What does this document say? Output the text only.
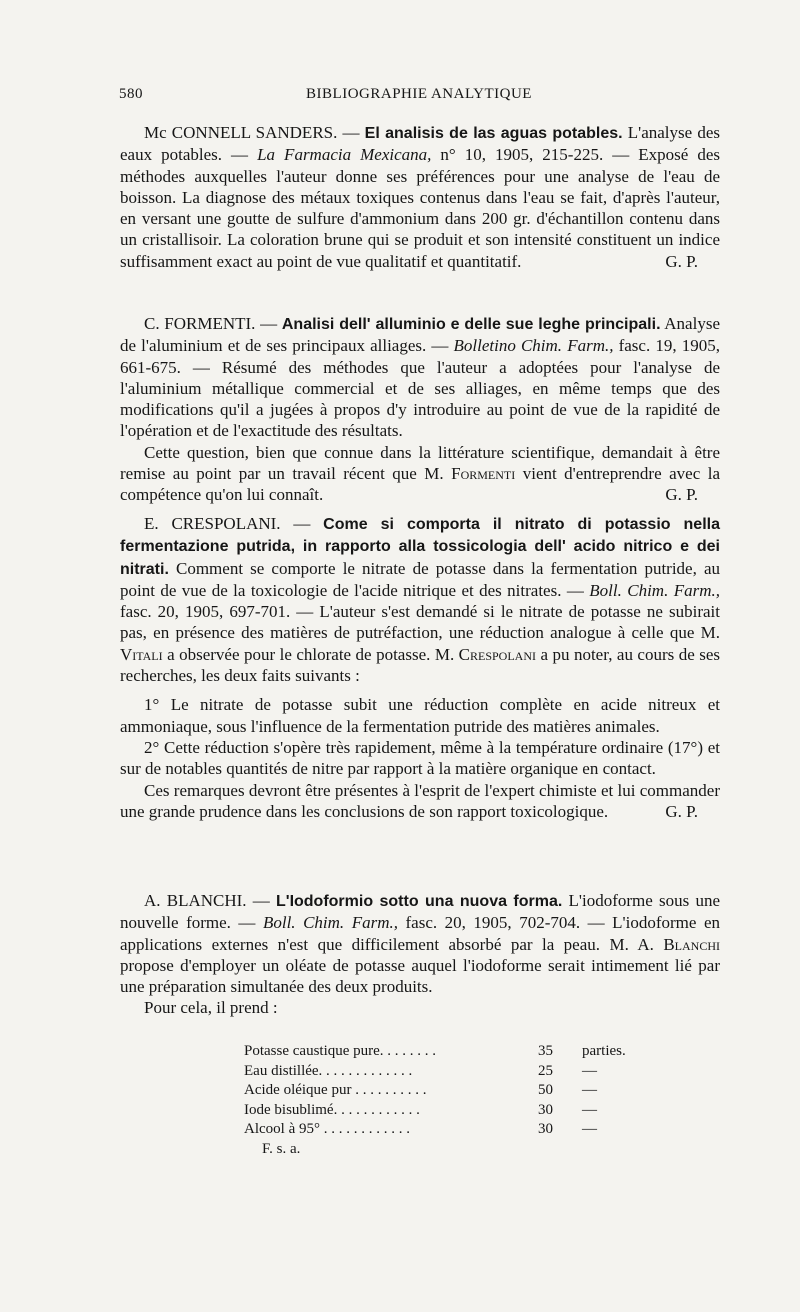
580	BIBLIOGRAPHIE ANALYTIQUE

Mc CONNELL SANDERS. — El analisis de las aguas potables. L'analyse des eaux potables. — La Farmacia Mexicana, n° 10, 1905, 215-225. — Exposé des méthodes auxquelles l'auteur donne ses préférences pour une analyse de l'eau de boisson. La diagnose des métaux toxiques contenus dans l'eau se fait, d'après l'auteur, en versant une goutte de sulfure d'ammonium dans 200 gr. d'échantillon contenu dans un cristallisoir. La coloration brune qui se produit et son intensité constituent un indice suffisamment exact au point de vue qualitatif et quantitatif.	G. P.

C. FORMENTI. — Analisi dell' alluminio e delle sue leghe principali. Analyse de l'aluminium et de ses principaux alliages. — Bolletino Chim. Farm., fasc. 19, 1905, 661-675. — Résumé des méthodes que l'auteur a adoptées pour l'analyse de l'aluminium métallique commercial et de ses alliages, en même temps que des modifications qu'il a jugées à propos d'y introduire au point de vue de la rapidité de l'opération et de l'exactitude des résultats.

Cette question, bien que connue dans la littérature scientifique, demandait à être remise au point par un travail récent que M. Formenti vient d'entreprendre avec la compétence qu'on lui connaît.	G. P.

E. CRESPOLANI. — Come si comporta il nitrato di potassio nella fermentazione putrida, in rapporto alla tossicologia dell' acido nitrico e dei nitrati. Comment se comporte le nitrate de potasse dans la fermentation putride, au point de vue de la toxicologie de l'acide nitrique et des nitrates. — Boll. Chim. Farm., fasc. 20, 1905, 697-701. — L'auteur s'est demandé si le nitrate de potasse ne subirait pas, en présence des matières de putréfaction, une réduction analogue à celle que M. Vitali a observée pour le chlorate de potasse. M. Crespolani a pu noter, au cours de ses recherches, les deux faits suivants :

1° Le nitrate de potasse subit une réduction complète en acide nitreux et ammoniaque, sous l'influence de la fermentation putride des matières animales.

2° Cette réduction s'opère très rapidement, même à la température ordinaire (17°) et sur de notables quantités de nitre par rapport à la matière organique en contact.

Ces remarques devront être présentes à l'esprit de l'expert chimiste et lui commander une grande prudence dans les conclusions de son rapport toxicologique.	G. P.

A. BLANCHI. — L'Iodoformio sotto una nuova forma. L'iodoforme sous une nouvelle forme. — Boll. Chim. Farm., fasc. 20, 1905, 702-704. — L'iodoforme en applications externes n'est que difficilement absorbé par la peau. M. A. Blanchi propose d'employer un oléate de potasse auquel l'iodoforme serait intimement lié par une préparation simultanée des deux produits.

Pour cela, il prend :

Potasse caustique pure. . . . . . . .	35 parties.
Eau distillée. . . . . . . . . . . . .	25 —
Acide oléique pur . . . . . . . . . .	50 —
Iode bisublimé. . . . . . . . . . . .	30 —
Alcool à 95° . . . . . . . . . . . .	30 —
F. s. a.
